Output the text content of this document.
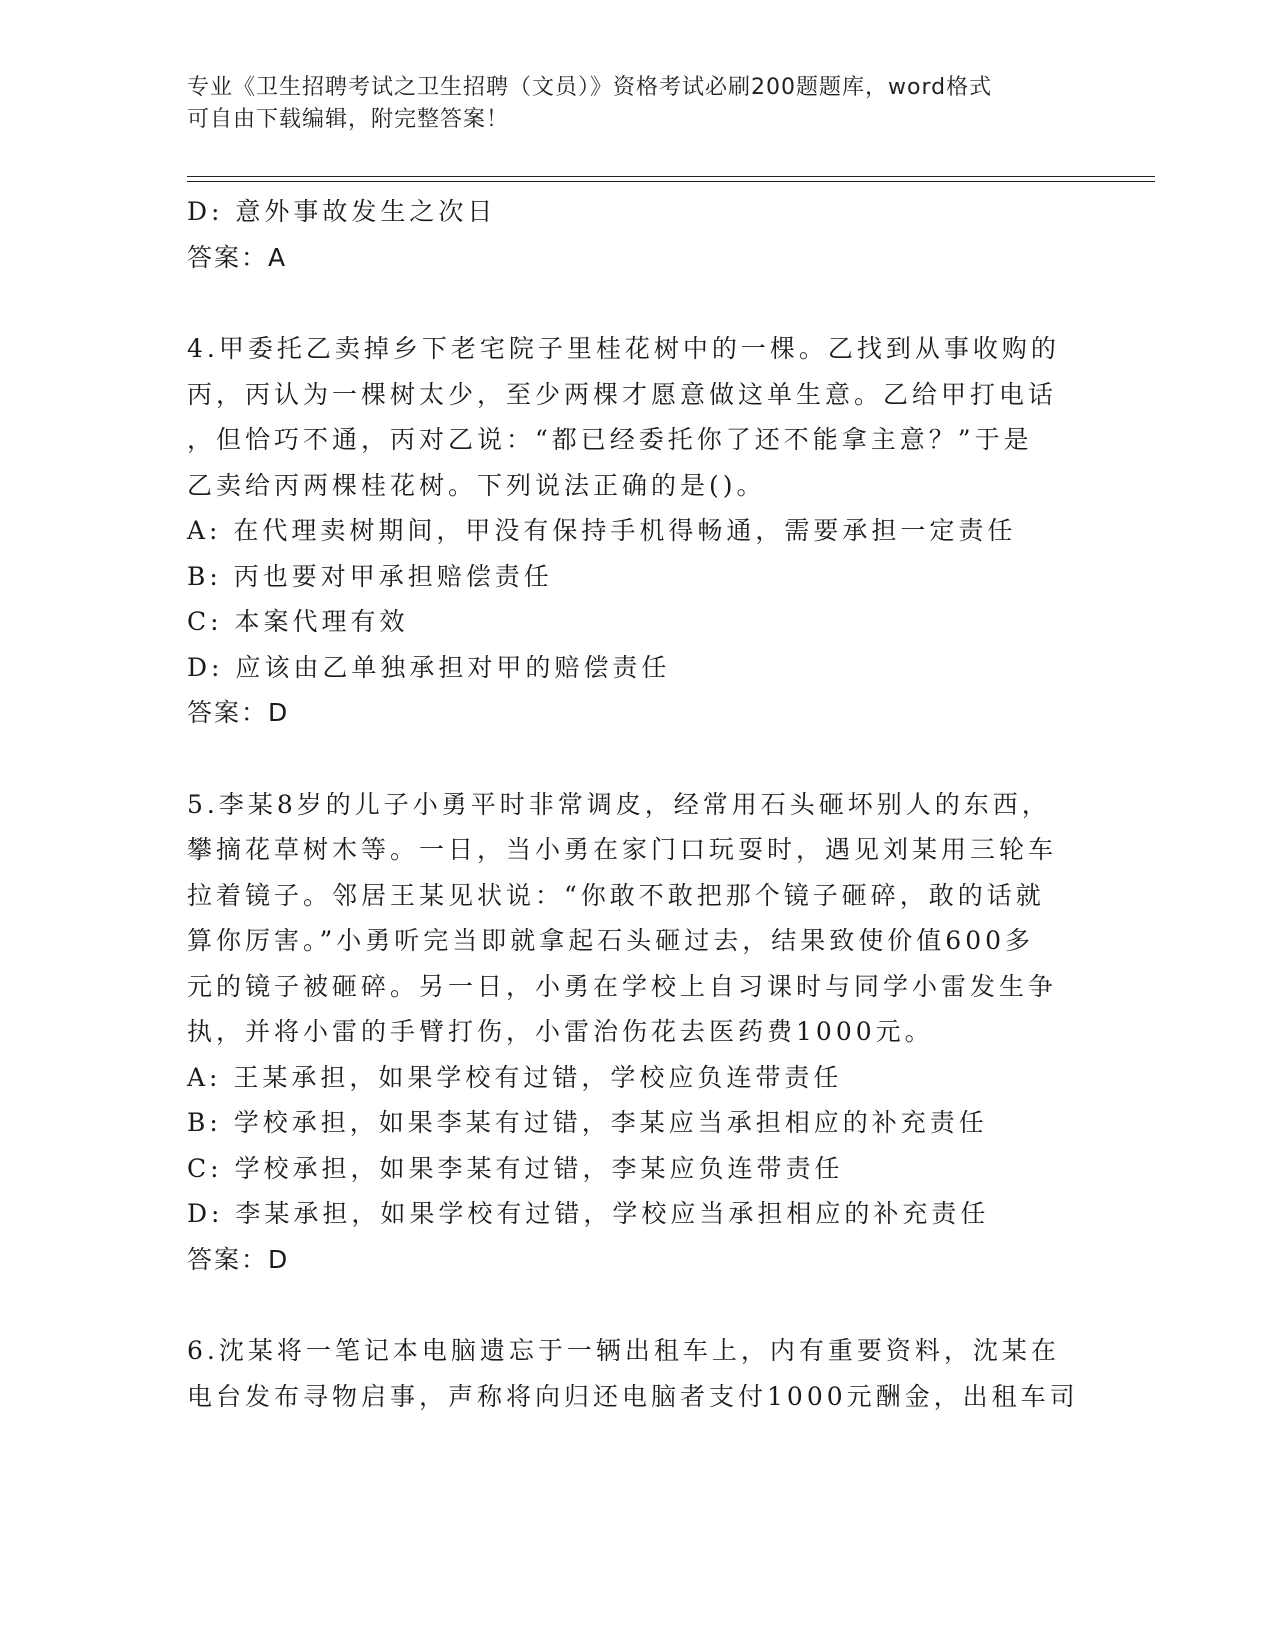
专业《卫生招聘考试之卫生招聘（文员）》资格考试必刷200题题库，word格式
可自由下载编辑，附完整答案！
D: 意外事故发生之次日
答案：A
4.甲委托乙卖掉乡下老宅院子里桂花树中的一棵。乙找到从事收购的
丙，丙认为一棵树太少，至少两棵才愿意做这单生意。乙给甲打电话
，但恰巧不通，丙对乙说：“都已经委托你了还不能拿主意？”于是
乙卖给丙两棵桂花树。下列说法正确的是()。
A: 在代理卖树期间，甲没有保持手机得畅通，需要承担一定责任
B: 丙也要对甲承担赔偿责任
C: 本案代理有效
D: 应该由乙单独承担对甲的赔偿责任
答案：D
5.李某8岁的儿子小勇平时非常调皮，经常用石头砸坏别人的东西，
攀摘花草树木等。一日，当小勇在家门口玩耍时，遇见刘某用三轮车
拉着镜子。邻居王某见状说：“你敢不敢把那个镜子砸碎，敢的话就
算你厉害。”小勇听完当即就拿起石头砸过去，结果致使价值600多
元的镜子被砸碎。另一日，小勇在学校上自习课时与同学小雷发生争
执，并将小雷的手臂打伤，小雷治伤花去医药费1000元。
A: 王某承担，如果学校有过错，学校应负连带责任
B: 学校承担，如果李某有过错，李某应当承担相应的补充责任
C: 学校承担，如果李某有过错，李某应负连带责任
D: 李某承担，如果学校有过错，学校应当承担相应的补充责任
答案：D
6.沈某将一笔记本电脑遗忘于一辆出租车上，内有重要资料，沈某在
电台发布寻物启事，声称将向归还电脑者支付1000元酬金，出租车司
